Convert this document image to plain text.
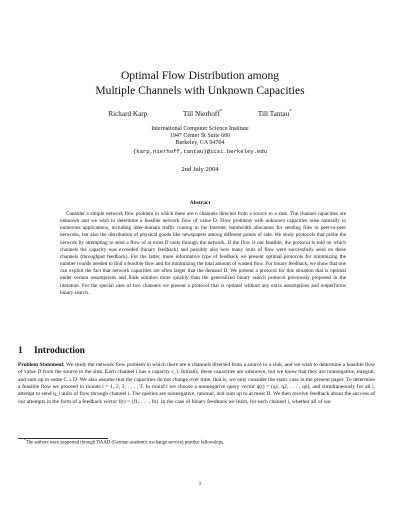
Optimal Flow Distribution among
Multiple Channels with Unknown Capacities
Richard Karp	Till Nierhoff*	Till Tantau*
International Computer Science Institute
1947 Center St Suite 600
Berkeley, CA 94704
{karp,nierhoff,tantau}@icsi.berkeley.edu
2nd July 2004
Abstract
Consider a simple network flow problem in which there are n channels directed from a source to a sink. The channel capacities are unknown and we wish to determine a feasible network flow of value D. Flow problems with unknown capacities arise naturally in numerous applications, including inter-domain traffic routing in the Internet, bandwidth allocation for sending files in peer-to-peer networks, but also the distribution of physical goods like newspapers among different points of sale. We study protocols that probe the network by attempting to send a flow of at most D units through the network. If the flow is not feasible, the protocol is told on which channels the capacity was exceeded (binary feedback) and possibly also how many units of flow were successfully send on these channels (throughput feedback). For the latter, more informative type of feedback we present optimal protocols for minimizing the number rounds needed to find a feasible flow and for minimizing the total amount of wasted flow. For binary feedback, we show that one can exploit the fact that network capacities are often larger that the demand D. We present a protocol for this situation that is optimal under certain assumptions and finds solution more quickly than the generalized binary search protocol previously proposed in the literature. For the special case of two channels we present a protocol that is optimal without any extra assumptions and outperforms binary search.
1 Introduction
Problem Statement. We study the network flow problem in which there are n channels directed from a source to a sink, and we wish to determine a feasible flow of value D from the source to the sink. Each channel i has a capacity c_i. Initially, these capacities are unknown, but we know that they are nonnegative, integral, and sum up to some C ≥ D. We also assume that the capacities do not change over time, that is, we only consider the static case in the present paper. To determine a feasible flow we proceed in rounds t = 1, 2, 3, . . . , T. In round t we choose a nonnegative query vector q(t) = (q1, q2, . . . , qn), and simultaneously for all i, attempt to send q_i units of flow through channel i. The queries are nonnegative, rational, and sum up to at most D. We then receive feedback about the success of our attempts in the form of a feedback vector f(t) = (f1, . . . , fn). In the case of binary feedback we learn, for each channel i, whether all of our
*The authors were supported through DAAD (German academic exchange service) postdoc fellowships.
1
